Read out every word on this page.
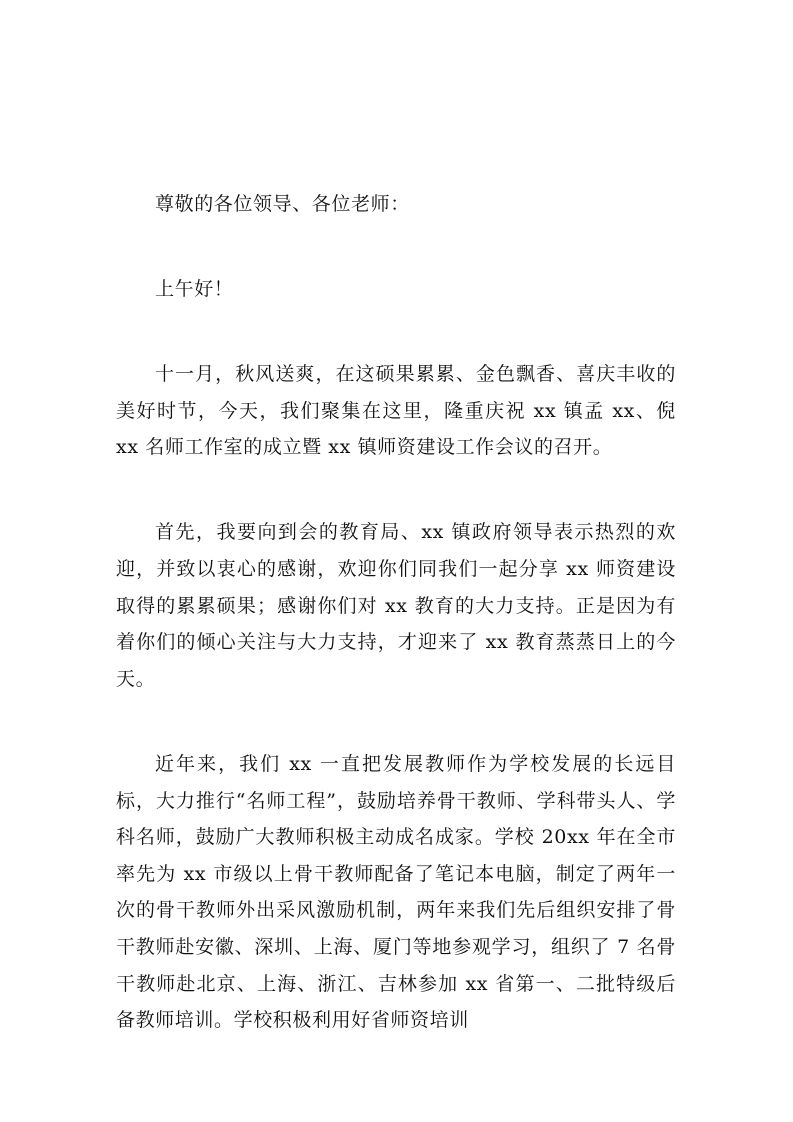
尊敬的各位领导、各位老师：

上午好！

十一月，秋风送爽，在这硕果累累、金色飘香、喜庆丰收的美好时节，今天，我们聚集在这里，隆重庆祝 xx 镇孟 xx、倪 xx 名师工作室的成立暨 xx 镇师资建设工作会议的召开。

首先，我要向到会的教育局、xx 镇政府领导表示热烈的欢迎，并致以衷心的感谢，欢迎你们同我们一起分享 xx 师资建设取得的累累硕果；感谢你们对 xx 教育的大力支持。正是因为有着你们的倾心关注与大力支持，才迎来了 xx 教育蒸蒸日上的今天。

近年来，我们 xx 一直把发展教师作为学校发展的长远目标，大力推行“名师工程”，鼓励培养骨干教师、学科带头人、学科名师，鼓励广大教师积极主动成名成家。学校 20xx 年在全市率先为 xx 市级以上骨干教师配备了笔记本电脑，制定了两年一次的骨干教师外出采风激励机制，两年来我们先后组织安排了骨干教师赴安徽、深圳、上海、厦门等地参观学习，组织了 7 名骨干教师赴北京、上海、浙江、吉林参加 xx 省第一、二批特级后备教师培训。学校积极利用好省师资培训
